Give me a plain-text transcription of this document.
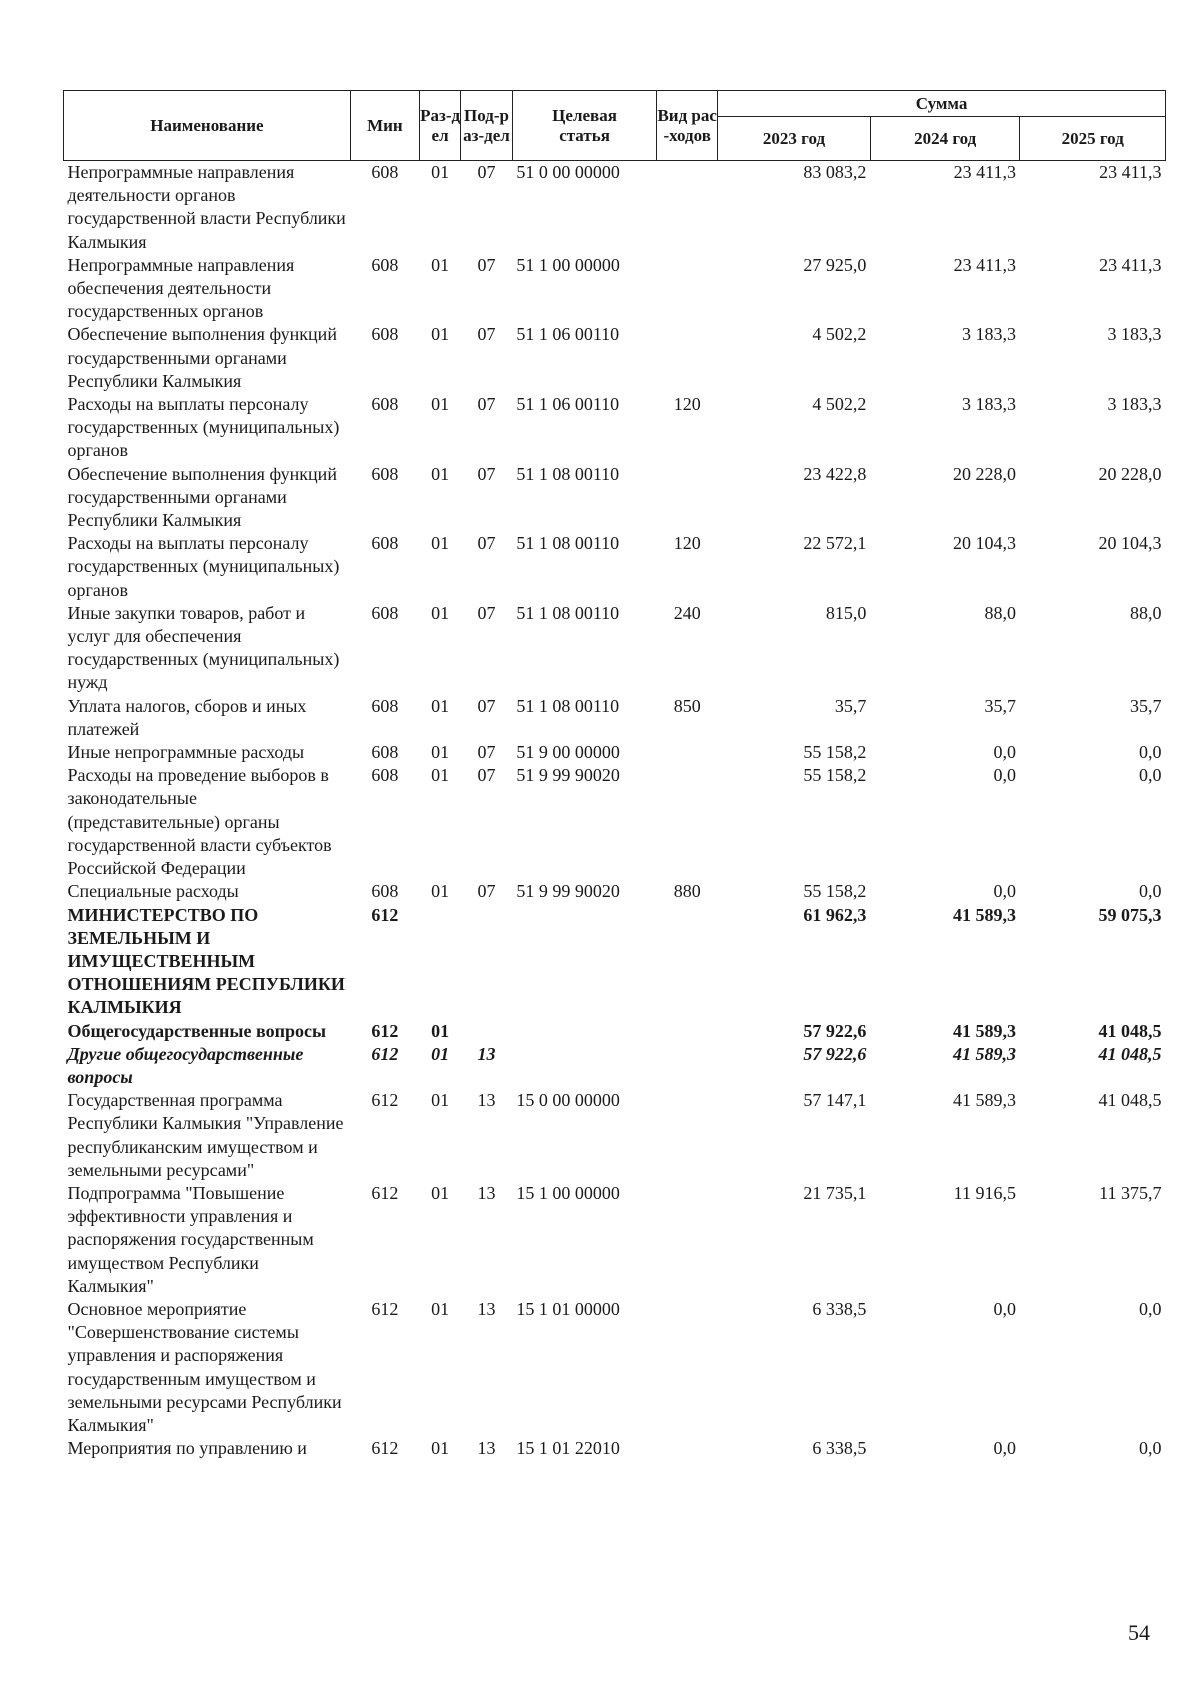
Наименование	Мин	Раз-дел	Под-раз-дел	Целевая статья	Вид рас-ходов	Сумма		
						2023 год	2024 год	2025 год
Непрограммные направления деятельности органов государственной власти Республики Калмыкия	608	01	07	51 0 00 00000		83 083,2	23 411,3	23 411,3
Непрограммные направления обеспечения деятельности государственных органов	608	01	07	51 1 00 00000		27 925,0	23 411,3	23 411,3
Обеспечение выполнения функций государственными органами Республики Калмыкия	608	01	07	51 1 06 00110		4 502,2	3 183,3	3 183,3
Расходы на выплаты персоналу государственных (муниципальных) органов	608	01	07	51 1 06 00110	120	4 502,2	3 183,3	3 183,3
Обеспечение выполнения функций государственными органами Республики Калмыкия	608	01	07	51 1 08 00110		23 422,8	20 228,0	20 228,0
Расходы на выплаты персоналу государственных (муниципальных) органов	608	01	07	51 1 08 00110	120	22 572,1	20 104,3	20 104,3
Иные закупки товаров, работ и услуг для обеспечения государственных (муниципальных) нужд	608	01	07	51 1 08 00110	240	815,0	88,0	88,0
Уплата налогов, сборов и иных платежей	608	01	07	51 1 08 00110	850	35,7	35,7	35,7
Иные непрограммные расходы	608	01	07	51 9 00 00000		55 158,2	0,0	0,0
Расходы на проведение выборов в законодательные (представительные) органы государственной власти субъектов Российской Федерации	608	01	07	51 9 99 90020		55 158,2	0,0	0,0
Специальные расходы	608	01	07	51 9 99 90020	880	55 158,2	0,0	0,0
МИНИСТЕРСТВО ПО ЗЕМЕЛЬНЫМ И ИМУЩЕСТВЕННЫМ ОТНОШЕНИЯМ РЕСПУБЛИКИ КАЛМЫКИЯ	612					61 962,3	41 589,3	59 075,3
Общегосударственные вопросы	612	01				57 922,6	41 589,3	41 048,5
Другие общегосударственные вопросы	612	01	13			57 922,6	41 589,3	41 048,5
Государственная программа Республики Калмыкия "Управление республиканским имуществом и земельными ресурсами"	612	01	13	15 0 00 00000		57 147,1	41 589,3	41 048,5
Подпрограмма "Повышение эффективности управления и распоряжения государственным имуществом Республики Калмыкия"	612	01	13	15 1 00 00000		21 735,1	11 916,5	11 375,7
Основное мероприятие "Совершенствование системы управления и распоряжения государственным имуществом и земельными ресурсами Республики Калмыкия"	612	01	13	15 1 01 00000		6 338,5	0,0	0,0
Мероприятия по управлению и	612	01	13	15 1 01 22010		6 338,5	0,0	0,0
54
